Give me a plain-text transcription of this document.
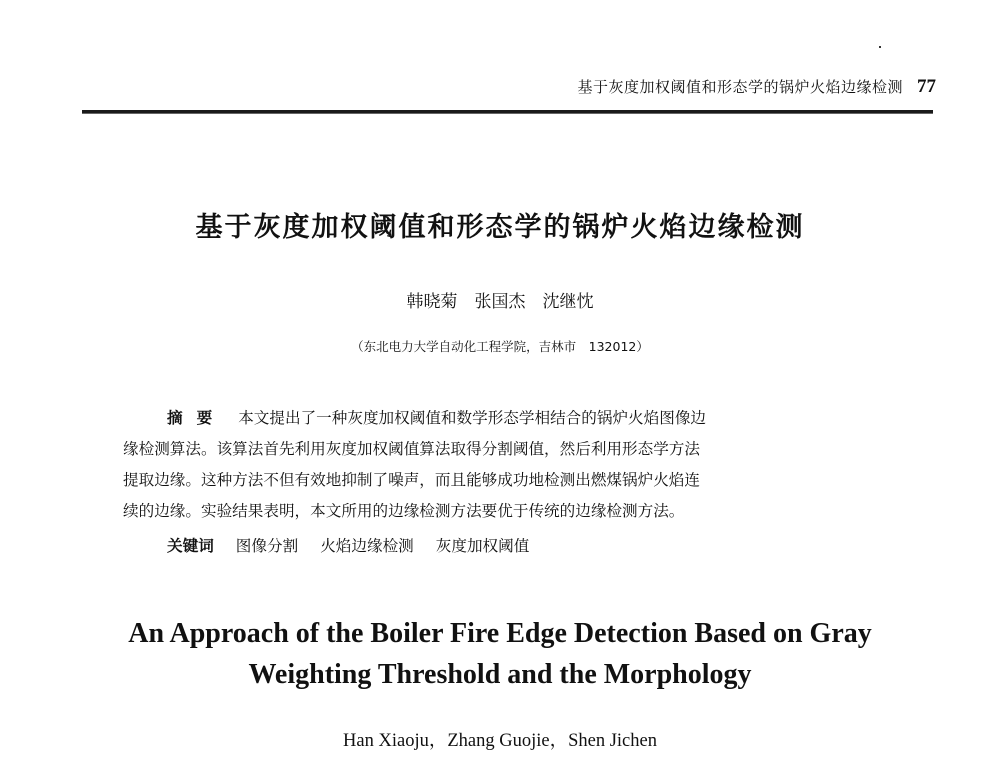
基于灰度加权阈值和形态学的锅炉火焰边缘检测 77
基于灰度加权阈值和形态学的锅炉火焰边缘检测
韩晓菊　张国杰　沈继忱
（东北电力大学自动化工程学院，吉林市　132012）
摘要 本文提出了一种灰度加权阈值和数学形态学相结合的锅炉火焰图像边
缘检测算法。该算法首先利用灰度加权阈值算法取得分割阈值，然后利用形态学方法
提取边缘。这种方法不但有效地抑制了噪声，而且能够成功地检测出燃煤锅炉火焰连
续的边缘。实验结果表明，本文所用的边缘检测方法要优于传统的边缘检测方法。
关键词 图像分割 火焰边缘检测 灰度加权阈值
An Approach of the Boiler Fire Edge Detection Based on Gray
Weighting Threshold and the Morphology
Han Xiaoju，Zhang Guojie，Shen Jichen
